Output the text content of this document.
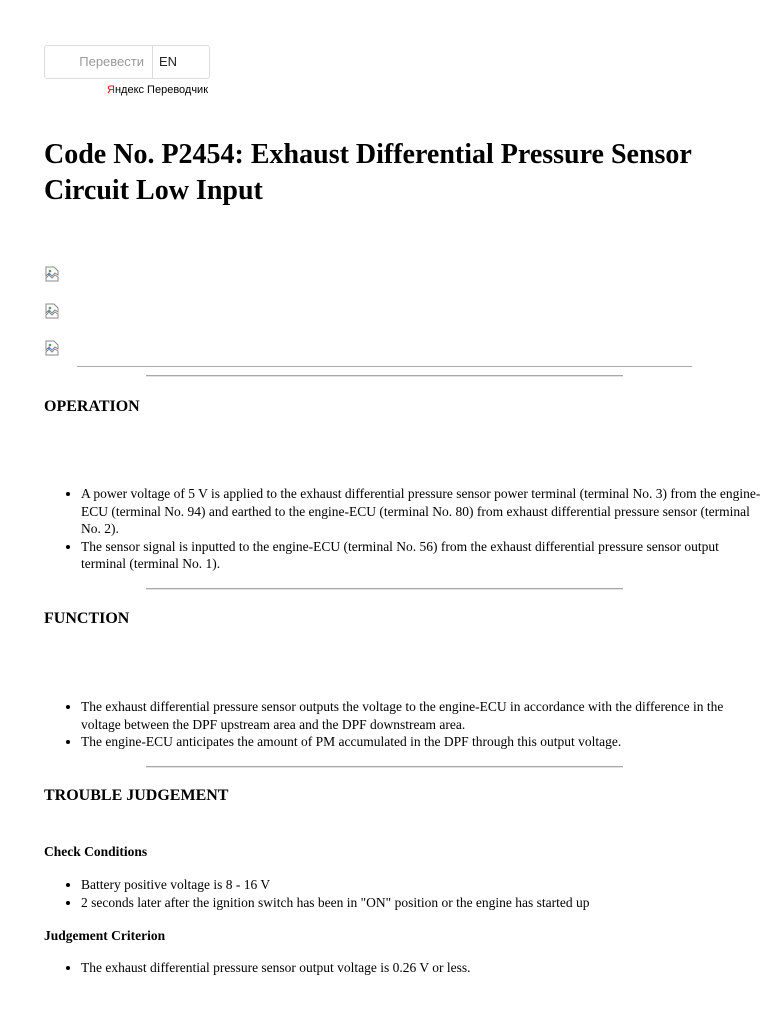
Перевести	EN
Яндекс Переводчик
Code No. P2454: Exhaust Differential Pressure Sensor Circuit Low Input
OPERATION
• A power voltage of 5 V is applied to the exhaust differential pressure sensor power terminal (terminal No. 3) from the engine-ECU (terminal No. 94) and earthed to the engine-ECU (terminal No. 80) from exhaust differential pressure sensor (terminal No. 2).
• The sensor signal is inputted to the engine-ECU (terminal No. 56) from the exhaust differential pressure sensor output terminal (terminal No. 1).
FUNCTION
• The exhaust differential pressure sensor outputs the voltage to the engine-ECU in accordance with the difference in the voltage between the DPF upstream area and the DPF downstream area.
• The engine-ECU anticipates the amount of PM accumulated in the DPF through this output voltage.
TROUBLE JUDGEMENT
Check Conditions
• Battery positive voltage is 8 - 16 V
• 2 seconds later after the ignition switch has been in "ON" position or the engine has started up
Judgement Criterion
• The exhaust differential pressure sensor output voltage is 0.26 V or less.
